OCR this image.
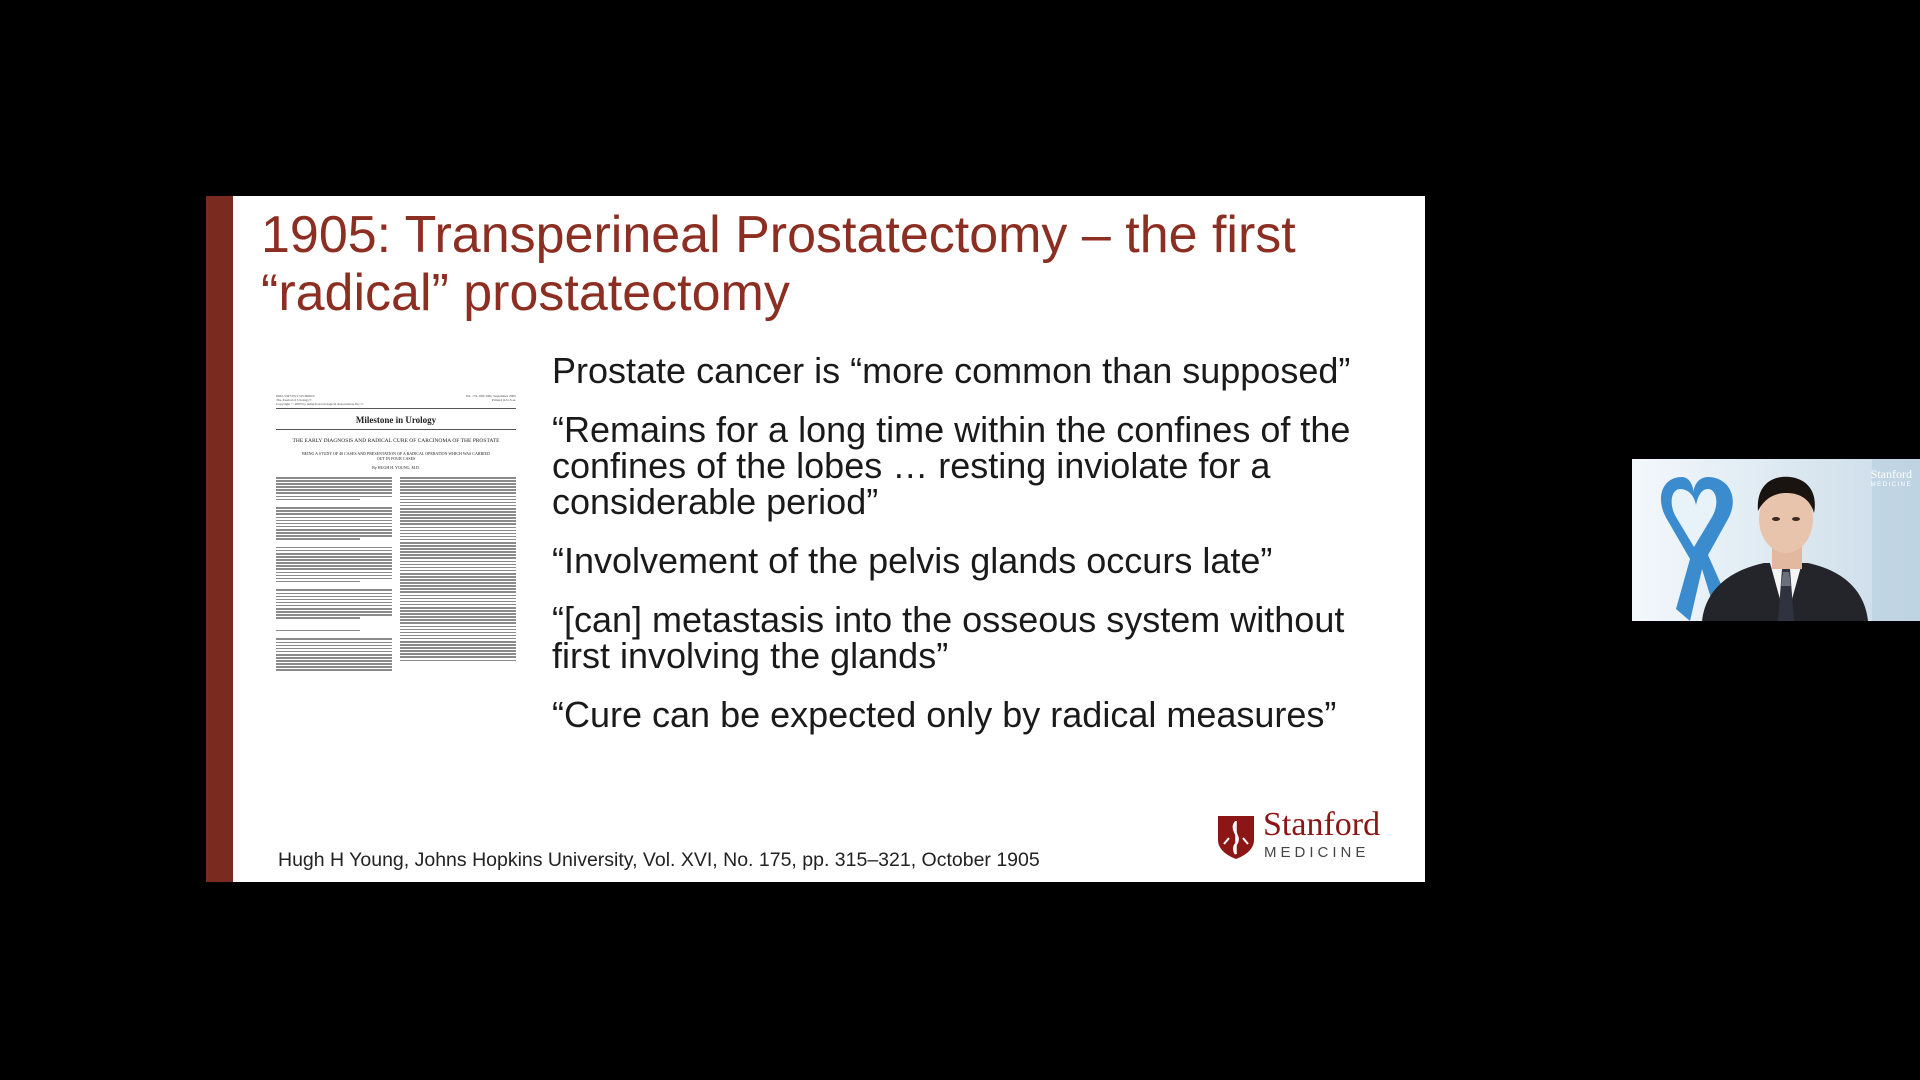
1905: Transperineal Prostatectomy – the first “radical” prostatectomy
0022-5347/05/1745-0000/0
The Journal of Urology®
Copyright © 2005 by American Urological Association, Inc.®
Vol. 174, 000–000, September 2005
Printed in U.S.A.
Milestone in Urology
THE EARLY DIAGNOSIS AND RADICAL CURE OF CARCINOMA OF THE PROSTATE
BEING A STUDY OF 40 CASES AND PRESENTATION OF A RADICAL OPERATION WHICH WAS CARRIED OUT IN FOUR CASES
By HUGH H. YOUNG, M.D.

Prostate cancer is “more common than supposed”

“Remains for a long time within the confines of the confines of the lobes … resting inviolate for a considerable period”

“Involvement of the pelvis glands occurs late”

“[can] metastasis into the osseous system without first involving the glands”

“Cure can be expected only by radical measures”

Hugh H Young, Johns Hopkins University, Vol. XVI, No. 175, pp. 315–321, October 1905
Stanford
MEDICINE
Stanford
MEDICINE
